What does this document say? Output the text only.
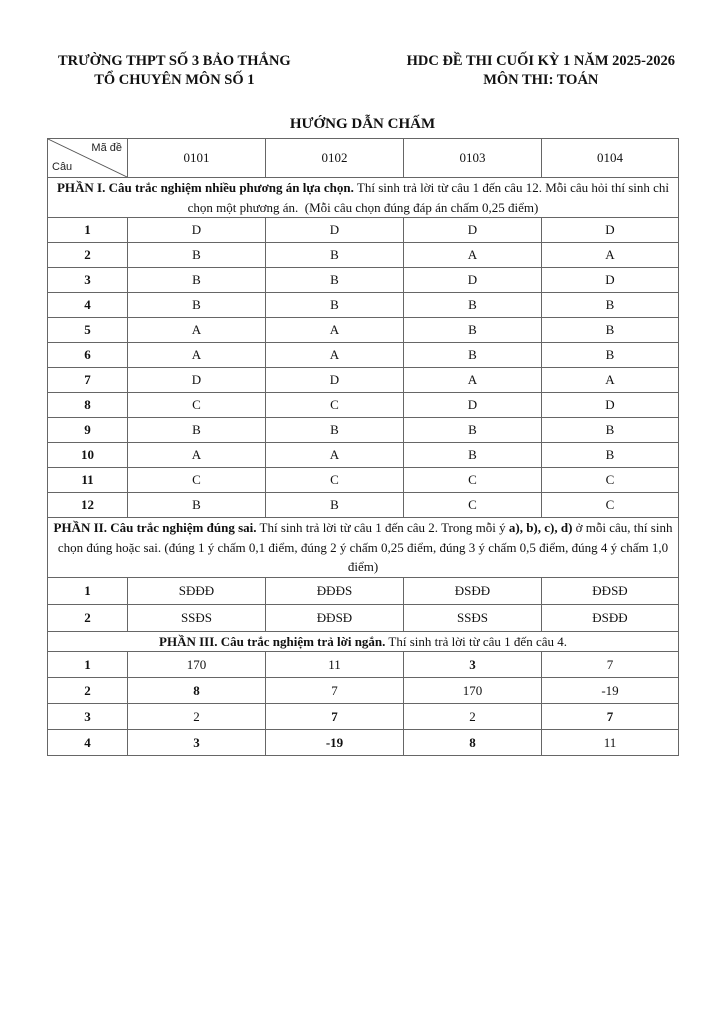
TRƯỜNG THPT SỐ 3 BẢO THẮNG
TỔ CHUYÊN MÔN SỐ 1
HDC ĐỀ THI CUỐI KỲ 1 NĂM 2025-2026
MÔN THI: TOÁN
HƯỚNG DẪN CHẤM
Mã đề
Câu	0101	0102	0103	0104
PHẦN I. Câu trắc nghiệm nhiều phương án lựa chọn. Thí sinh trả lời từ câu 1 đến câu 12. Mỗi câu hỏi thí sinh chỉ chọn một phương án.  (Mỗi câu chọn đúng đáp án chấm 0,25 điểm)				
1	D	D	D	D
2	B	B	A	A
3	B	B	D	D
4	B	B	B	B
5	A	A	B	B
6	A	A	B	B
7	D	D	A	A
8	C	C	D	D
9	B	B	B	B
10	A	A	B	B
11	C	C	C	C
12	B	B	C	C
PHẦN II. Câu trắc nghiệm đúng sai. Thí sinh trả lời từ câu 1 đến câu 2. Trong mỗi ý a), b), c), d) ở mỗi câu, thí sinh chọn đúng hoặc sai. (đúng 1 ý chấm 0,1 điểm, đúng 2 ý chấm 0,25 điểm, đúng 3 ý chấm 0,5 điểm, đúng 4 ý chấm 1,0 điểm)				
1	SĐĐĐ	ĐĐĐS	ĐSĐĐ	ĐĐSĐ
2	SSĐS	ĐĐSĐ	SSĐS	ĐSĐĐ
PHẦN III. Câu trắc nghiệm trả lời ngắn. Thí sinh trả lời từ câu 1 đến câu 4.				
1	170	11	3	7
2	8	7	170	-19
3	2	7	2	7
4	3	-19	8	11
